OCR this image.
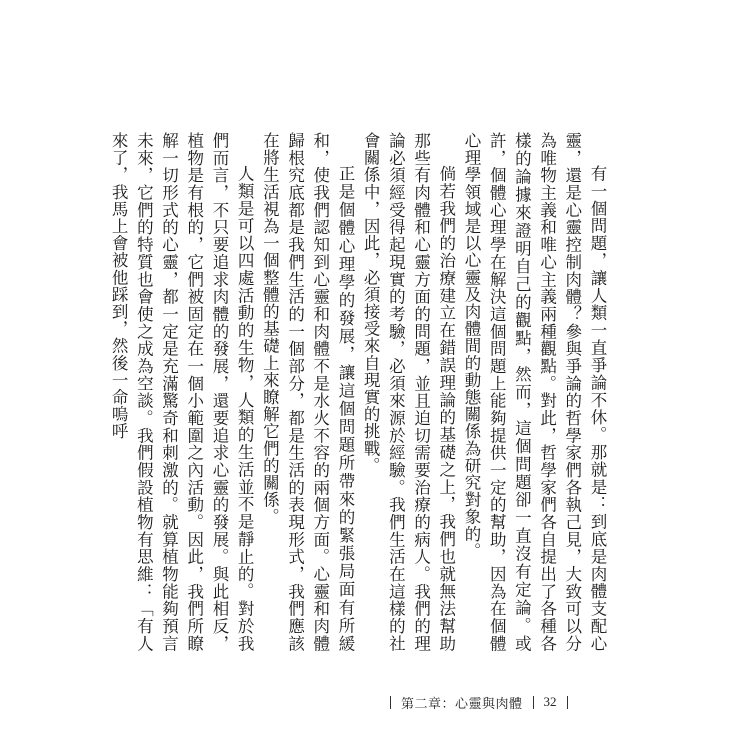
有一個問題，讓人類一直爭論不休。那就是：到底是肉體支配心靈，還是心靈控制肉體？參與爭論的哲學家們各執己見，大致可以分為唯物主義和唯心主義兩種觀點。對此，哲學家們各自提出了各種各樣的論據來證明自己的觀點，然而，這個問題卻一直沒有定論。或許，個體心理學在解決這個問題上能夠提供一定的幫助，因為在個體心理學領域是以心靈及肉體間的動態關係為研究對象的。

倘若我們的治療建立在錯誤理論的基礎之上，我們也就無法幫助那些有肉體和心靈方面的問題，並且迫切需要治療的病人。我們的理論必須經受得起現實的考驗，必須來源於經驗。我們生活在這樣的社會關係中，因此，必須接受來自現實的挑戰。

正是個體心理學的發展，讓這個問題所帶來的緊張局面有所緩和，使我們認知到心靈和肉體不是水火不容的兩個方面。心靈和肉體歸根究底都是我們生活的一個部分，都是生活的表現形式，我們應該在將生活視為一個整體的基礎上來瞭解它們的關係。

人類是可以四處活動的生物，人類的生活並不是靜止的。對於我們而言，不只要追求肉體的發展，還要追求心靈的發展。與此相反，植物是有根的，它們被固定在一個小範圍之內活動。因此，我們所瞭解一切形式的心靈，都一定是充滿驚奇和刺激的。就算植物能夠預言未來，它們的特質也會使之成為空談。我們假設植物有思維：「有人來了，我馬上會被他踩到，然後一命嗚呼

第二章：心靈與肉體 32
